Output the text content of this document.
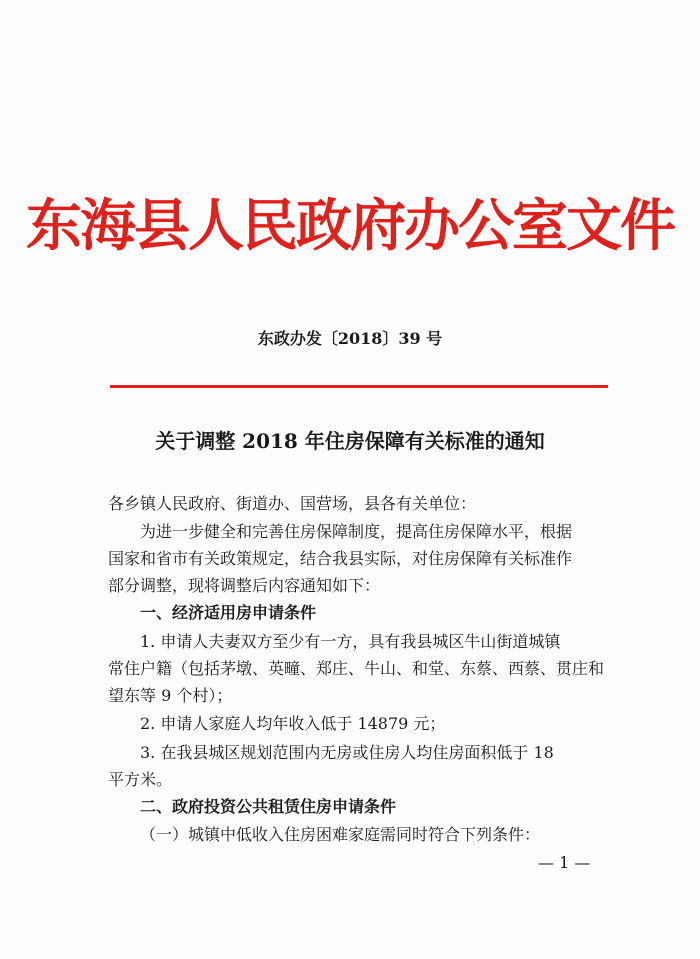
东海县人民政府办公室文件
东政办发〔2018〕39 号
关于调整 2018 年住房保障有关标准的通知
各乡镇人民政府、街道办、国营场，县各有关单位：
为进一步健全和完善住房保障制度，提高住房保障水平，根据
国家和省市有关政策规定，结合我县实际，对住房保障有关标准作
部分调整，现将调整后内容通知如下：
一、经济适用房申请条件
1. 申请人夫妻双方至少有一方，具有我县城区牛山街道城镇
常住户籍（包括茅墩、英疃、郑庄、牛山、和堂、东蔡、西蔡、贯庄和
望东等 9 个村）；
2. 申请人家庭人均年收入低于 14879 元；
3. 在我县城区规划范围内无房或住房人均住房面积低于 18
平方米。
二、政府投资公共租赁住房申请条件
（一）城镇中低收入住房困难家庭需同时符合下列条件：
— 1 —
